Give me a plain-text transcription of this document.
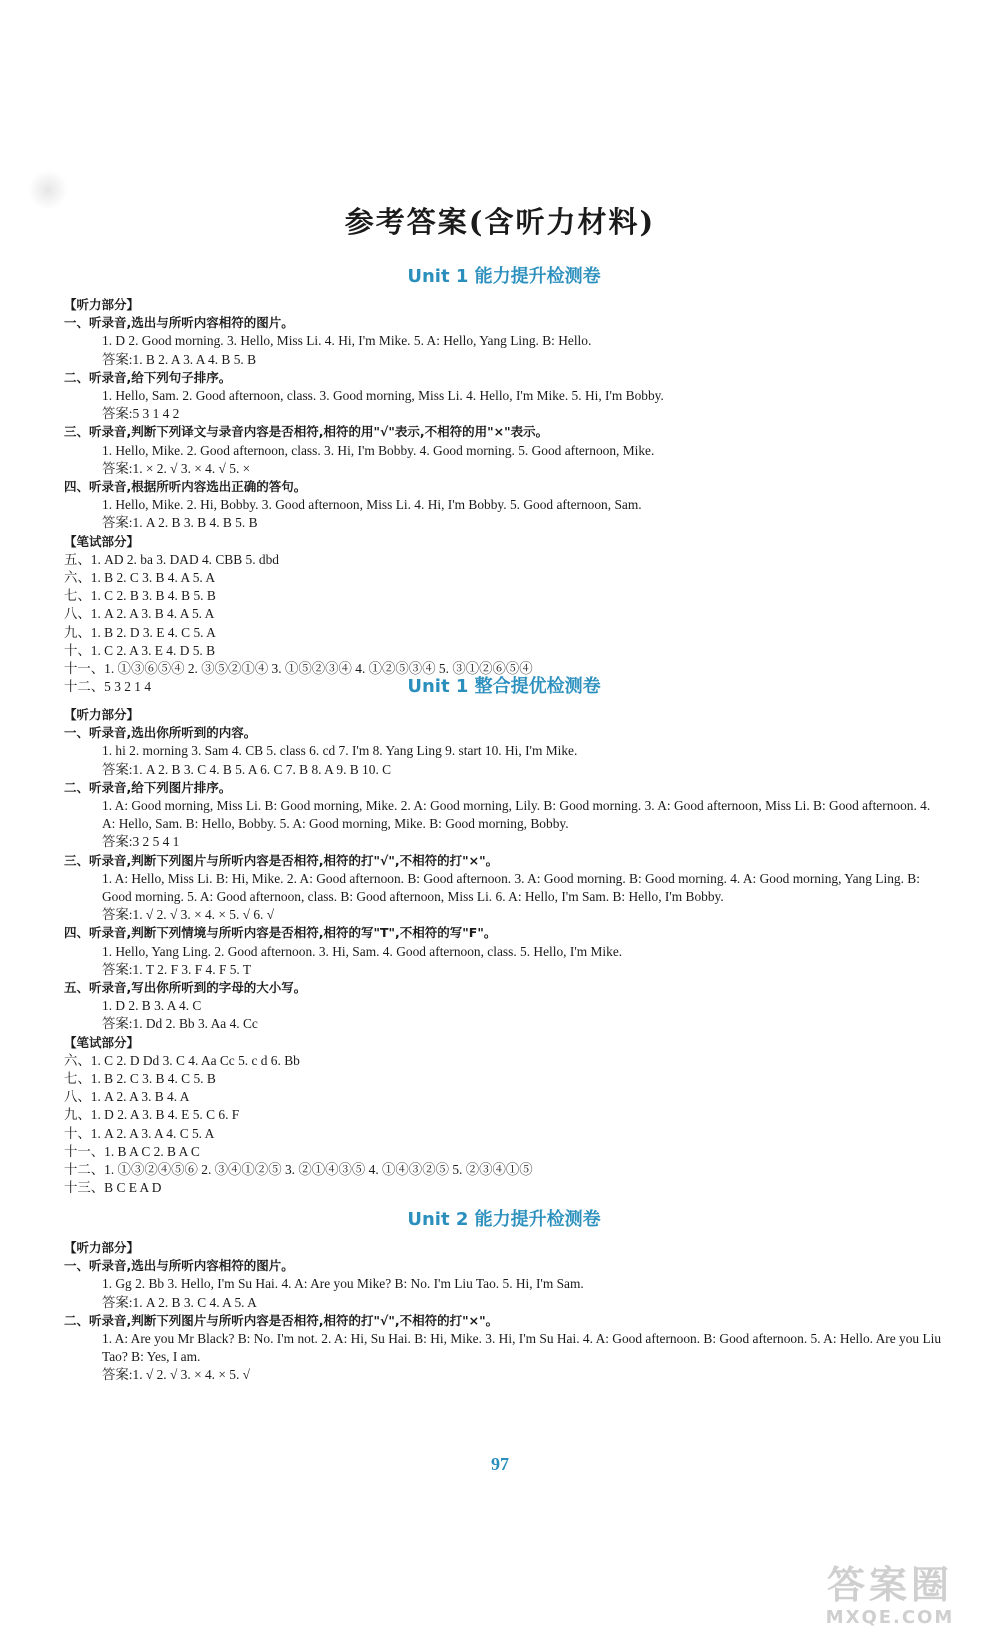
参考答案(含听力材料)
Unit 1 能力提升检测卷
【听力部分】
一、听录音,选出与所听内容相符的图片。
1. D 2. Good morning. 3. Hello, Miss Li. 4. Hi, I'm Mike. 5. A: Hello, Yang Ling. B: Hello.
答案:1. B 2. A 3. A 4. B 5. B
二、听录音,给下列句子排序。
1. Hello, Sam. 2. Good afternoon, class. 3. Good morning, Miss Li. 4. Hello, I'm Mike. 5. Hi, I'm Bobby.
答案:5 3 1 4 2
三、听录音,判断下列译文与录音内容是否相符,相符的用"√"表示,不相符的用"×"表示。
1. Hello, Mike. 2. Good afternoon, class. 3. Hi, I'm Bobby. 4. Good morning. 5. Good afternoon, Mike.
答案:1. × 2. √ 3. × 4. √ 5. ×
四、听录音,根据所听内容选出正确的答句。
1. Hello, Mike. 2. Hi, Bobby. 3. Good afternoon, Miss Li. 4. Hi, I'm Bobby. 5. Good afternoon, Sam.
答案:1. A 2. B 3. B 4. B 5. B
【笔试部分】
五、1. AD 2. ba 3. DAD 4. CBB 5. dbd
六、1. B 2. C 3. B 4. A 5. A
七、1. C 2. B 3. B 4. B 5. B
八、1. A 2. A 3. B 4. A 5. A
九、1. B 2. D 3. E 4. C 5. A
十、1. C 2. A 3. E 4. D 5. B
十一、1. ①③⑥⑤④ 2. ③⑤②①④ 3. ①⑤②③④ 4. ①②⑤③④ 5. ③①②⑥⑤④
十二、5 3 2 1 4	Unit 1 整合提优检测卷
【听力部分】
一、听录音,选出你所听到的内容。
1. hi 2. morning 3. Sam 4. CB 5. class 6. cd 7. I'm 8. Yang Ling 9. start 10. Hi, I'm Mike.
答案:1. A 2. B 3. C 4. B 5. A 6. C 7. B 8. A 9. B 10. C
二、听录音,给下列图片排序。
1. A: Good morning, Miss Li. B: Good morning, Mike. 2. A: Good morning, Lily. B: Good morning. 3. A: Good afternoon, Miss Li. B: Good afternoon. 4. A: Hello, Sam. B: Hello, Bobby. 5. A: Good morning, Mike. B: Good morning, Bobby.
答案:3 2 5 4 1
三、听录音,判断下列图片与所听内容是否相符,相符的打"√",不相符的打"×"。
1. A: Hello, Miss Li. B: Hi, Mike. 2. A: Good afternoon. B: Good afternoon. 3. A: Good morning. B: Good morning. 4. A: Good morning, Yang Ling. B: Good morning. 5. A: Good afternoon, class. B: Good afternoon, Miss Li. 6. A: Hello, I'm Sam. B: Hello, I'm Bobby.
答案:1. √ 2. √ 3. × 4. × 5. √ 6. √
四、听录音,判断下列情境与所听内容是否相符,相符的写"T",不相符的写"F"。
1. Hello, Yang Ling. 2. Good afternoon. 3. Hi, Sam. 4. Good afternoon, class. 5. Hello, I'm Mike.
答案:1. T 2. F 3. F 4. F 5. T
五、听录音,写出你所听到的字母的大小写。
1. D 2. B 3. A 4. C
答案:1. Dd 2. Bb 3. Aa 4. Cc
【笔试部分】
六、1. C 2. D Dd 3. C 4. Aa Cc 5. c d 6. Bb
七、1. B 2. C 3. B 4. C 5. B
八、1. A 2. A 3. B 4. A
九、1. D 2. A 3. B 4. E 5. C 6. F
十、1. A 2. A 3. A 4. C 5. A
十一、1. B A C 2. B A C
十二、1. ①③②④⑤⑥ 2. ③④①②⑤ 3. ②①④③⑤ 4. ①④③②⑤ 5. ②③④①⑤
十三、B C E A D
Unit 2 能力提升检测卷
【听力部分】
一、听录音,选出与所听内容相符的图片。
1. Gg 2. Bb 3. Hello, I'm Su Hai. 4. A: Are you Mike? B: No. I'm Liu Tao. 5. Hi, I'm Sam.
答案:1. A 2. B 3. C 4. A 5. A
二、听录音,判断下列图片与所听内容是否相符,相符的打"√",不相符的打"×"。
1. A: Are you Mr Black? B: No. I'm not. 2. A: Hi, Su Hai. B: Hi, Mike. 3. Hi, I'm Su Hai. 4. A: Good afternoon. B: Good afternoon. 5. A: Hello. Are you Liu Tao? B: Yes, I am.
答案:1. √ 2. √ 3. × 4. × 5. √
97
答案圈
MXQE.COM
